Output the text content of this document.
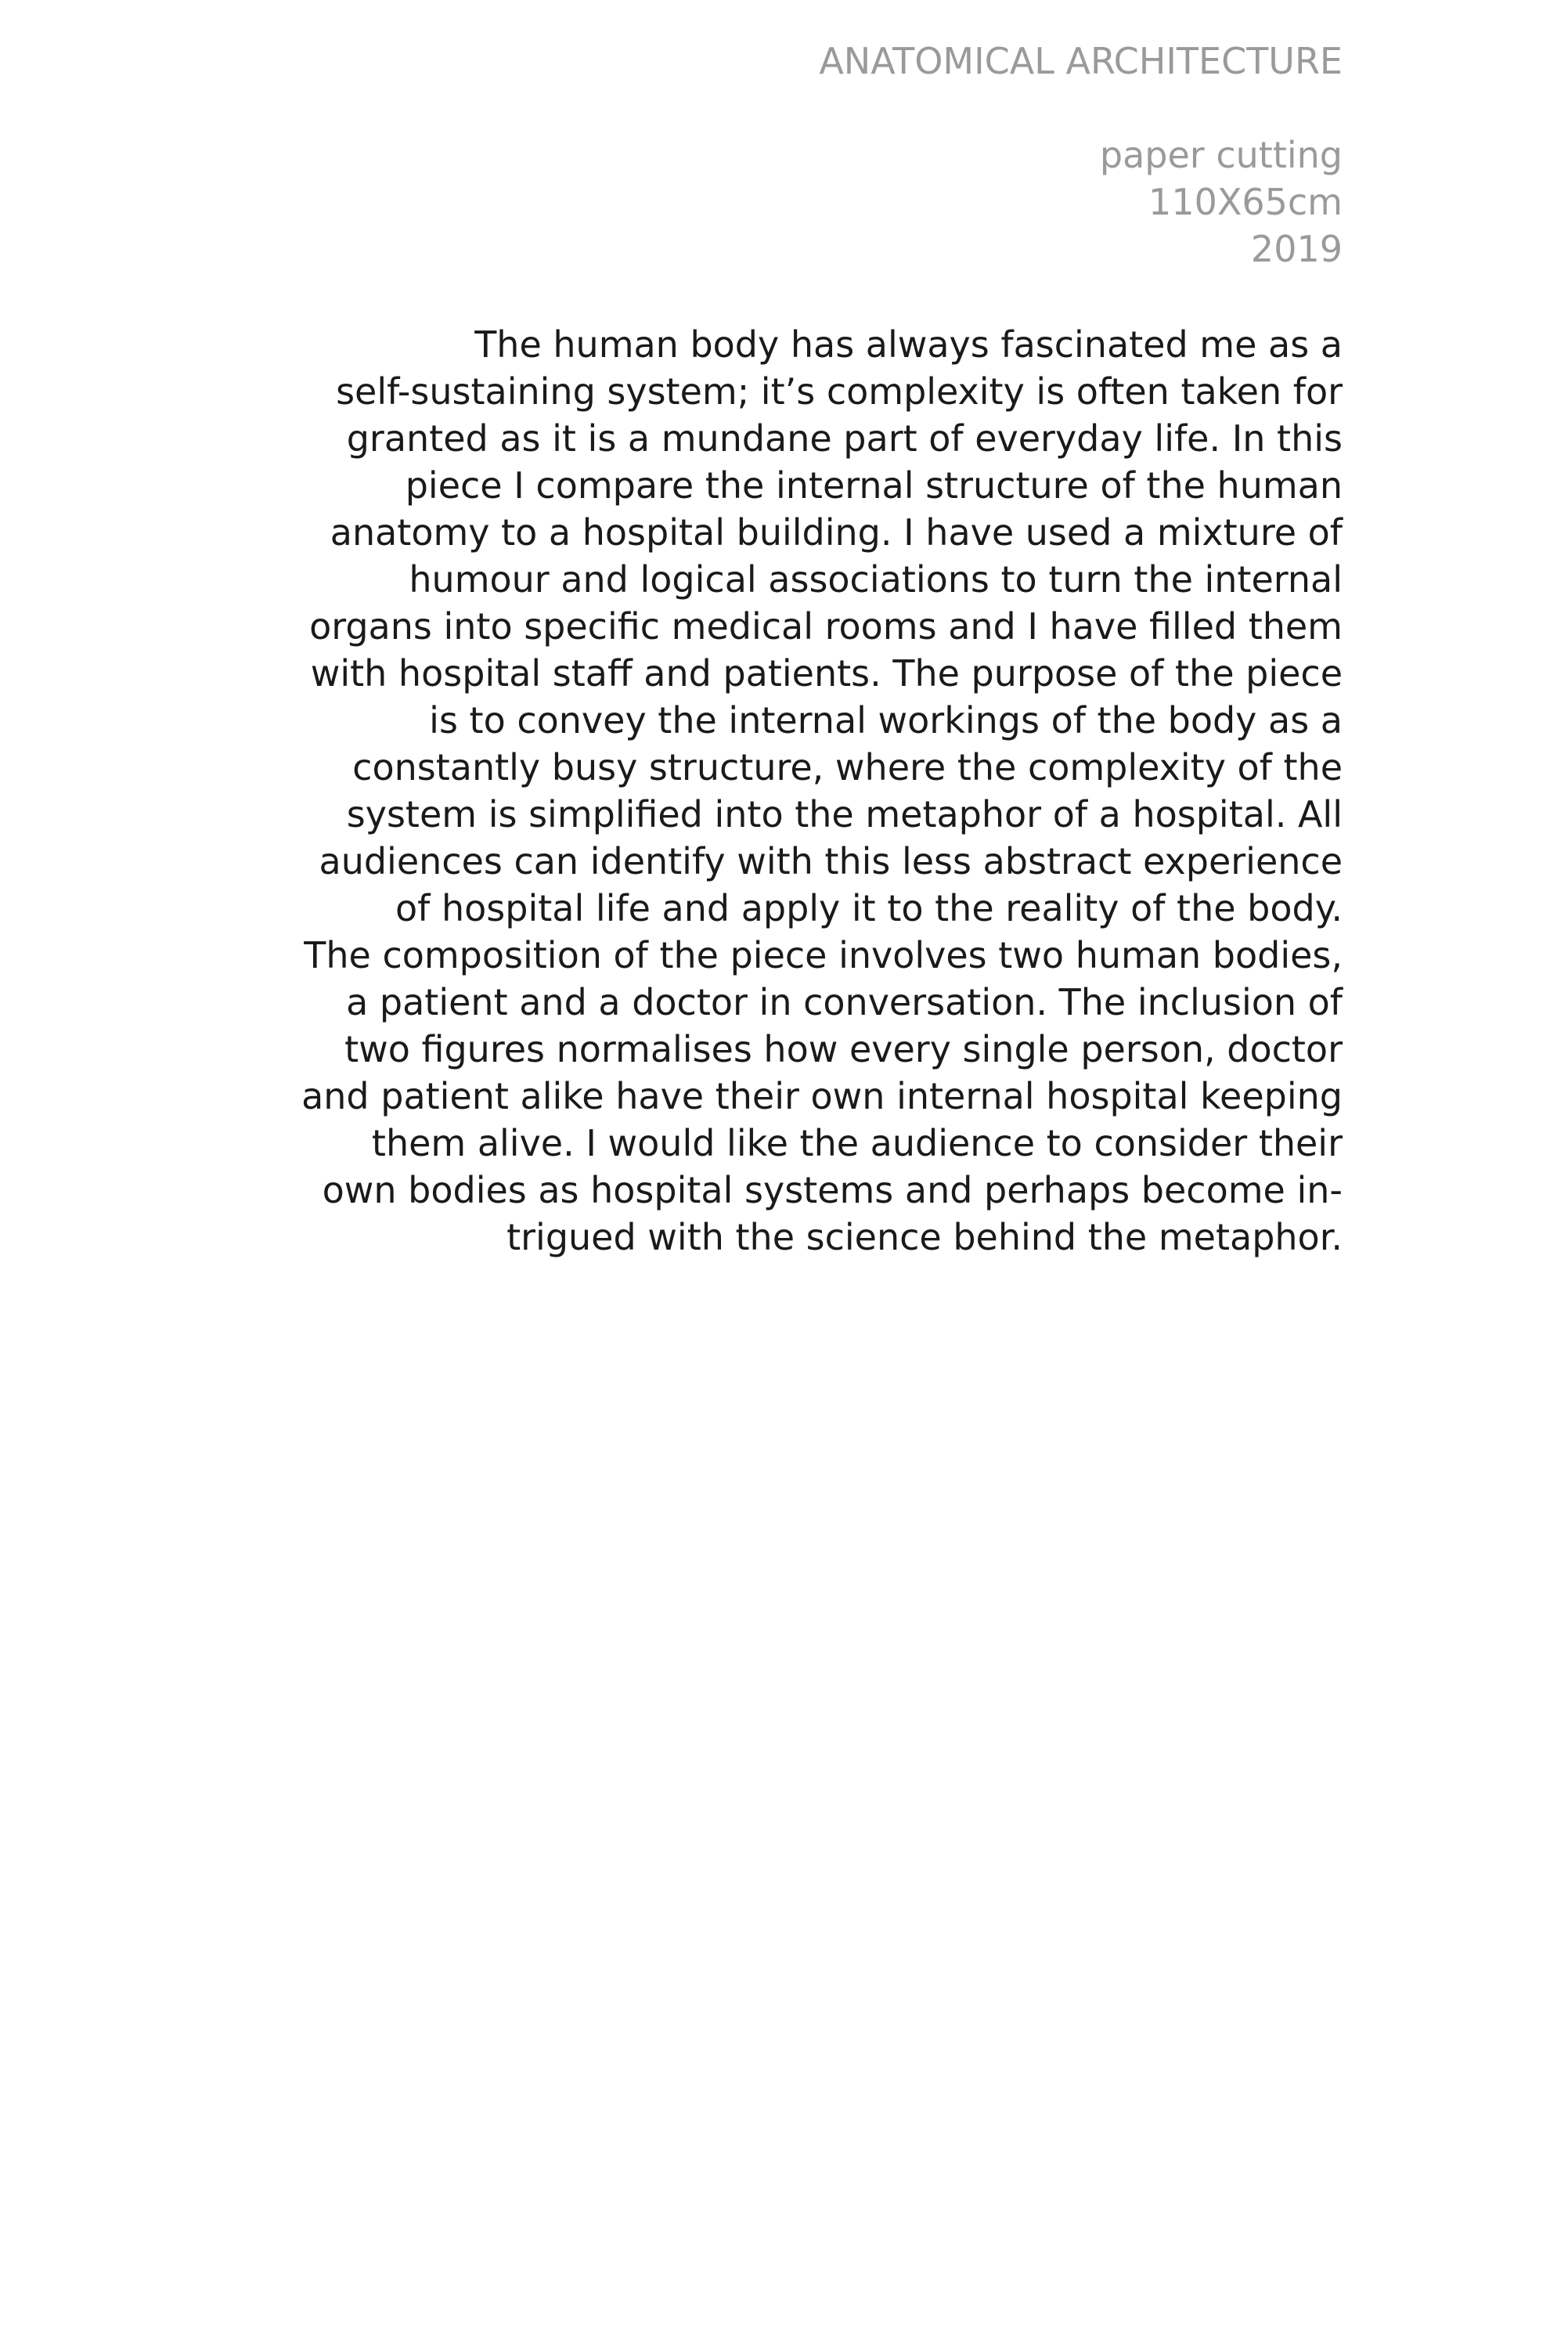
ANATOMICAL ARCHITECTURE
paper cutting
110X65cm
2019

The human body has always fascinated me as a
self-sustaining system; it’s complexity is often taken for
granted as it is a mundane part of everyday life. In this
piece I compare the internal structure of the human
anatomy to a hospital building. I have used a mixture of
humour and logical associations to turn the internal
organs into specific medical rooms and I have filled them
with hospital staff and patients. The purpose of the piece
is to convey the internal workings of the body as a
constantly busy structure, where the complexity of the
system is simplified into the metaphor of a hospital. All
audiences can identify with this less abstract experience
of hospital life and apply it to the reality of the body.
The composition of the piece involves two human bodies,
a patient and a doctor in conversation. The inclusion of
two figures normalises how every single person, doctor
and patient alike have their own internal hospital keeping
them alive. I would like the audience to consider their
own bodies as hospital systems and perhaps become in-
trigued with the science behind the metaphor.
